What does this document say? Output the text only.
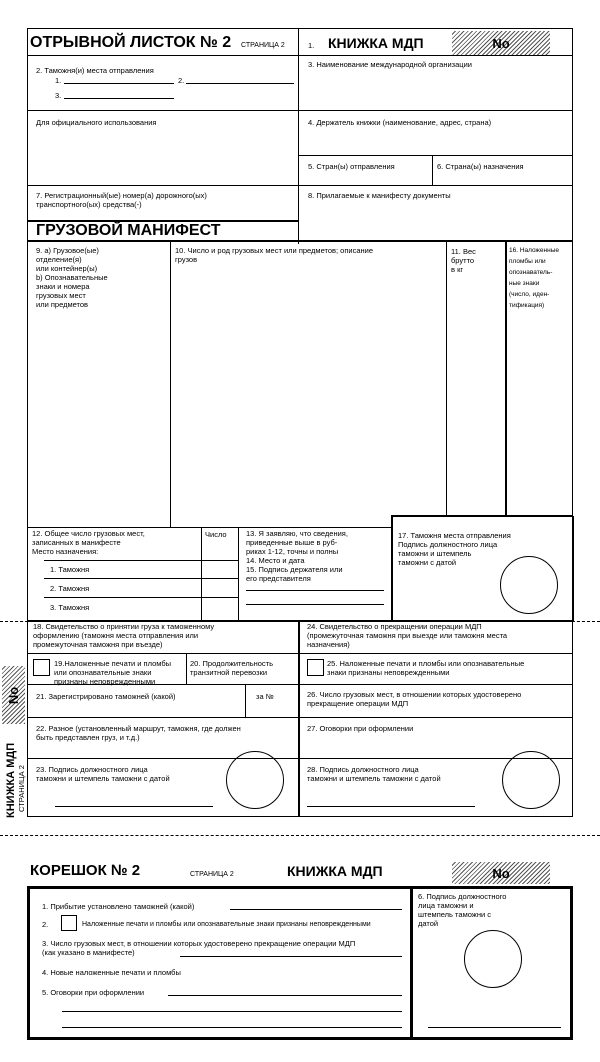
ОТРЫВНОЙ ЛИСТОК № 2 СТРАНИЦА 2	1. КНИЖКА МДП	No
2. Таможня(и) места отправления
1.	2.
3.
3. Наименование международной организации
Для официального использования	4. Держатель книжки (наименование, адрес, страна)
5. Стран(ы) отправления	6. Страна(ы) назначения
7. Регистрационный(ые) номер(а) дорожного(ых)
транспортного(ых) средства(-)
8. Прилагаемые к манифесту документы
ГРУЗОВОЙ МАНИФЕСТ
9. a) Грузовое(ые)
отделение(я)
или контейнер(ы)
b) Опознавательные
знаки и номера
грузовых мест
или предметов
10. Число и род грузовых мест или предметов; описание
грузов
11. Вес
брутто
в кг
16. Наложенные
пломбы или
опознаватель-
ные знаки
(число, иден-
тификация)
12. Общее число грузовых мест,
записанных в манифесте
Место назначения:
Число
1. Таможня
2. Таможня
3. Таможня
13. Я заявляю, что сведения,
приведенные выше в руб-
риках 1-12, точны и полны
14. Место и дата
15. Подпись держателя или
его представителя
17. Таможня места отправления
Подпись должностного лица
таможни и штемпель
таможни с датой
18. Свидетельство о принятии груза к таможенному
оформлению (таможня места отправления или
промежуточная таможня при въезде)
19.Наложенные печати и пломбы
или опознавательные знаки
признаны неповрежденными
20. Продолжительность
транзитной перевозки
21. Зарегистрировано таможней (какой)	за №
22. Разное (установленный маршрут, таможня, где должен
быть представлен груз, и т.д.)
23. Подпись должностного лица
таможни и штемпель таможни с датой
24. Свидетельство о прекращении операции МДП
(промежуточная таможня при выезде или таможня места
назначения)
25. Наложенные печати и пломбы или опознавательные
знаки признаны неповрежденными
26. Число грузовых мест, в отношении которых удостоверено
прекращение операции МДП
27. Оговорки при оформлении
28. Подпись должностного лица
таможни и штемпель таможни с датой
No
КНИЖКА МДП СТРАНИЦА 2
КОРЕШОК № 2	СТРАНИЦА 2	КНИЖКА МДП	No
1. Прибытие установлено таможней (какой)
2.	Наложенные печати и пломбы или опознавательные знаки признаны неповрежденными
3. Число грузовых мест, в отношении которых удостоверено прекращение операции МДП
(как указано в манифесте)
4. Новые наложенные печати и пломбы
5. Оговорки при оформлении
6. Подпись должностного
лица таможни и
штемпель таможни с
датой
